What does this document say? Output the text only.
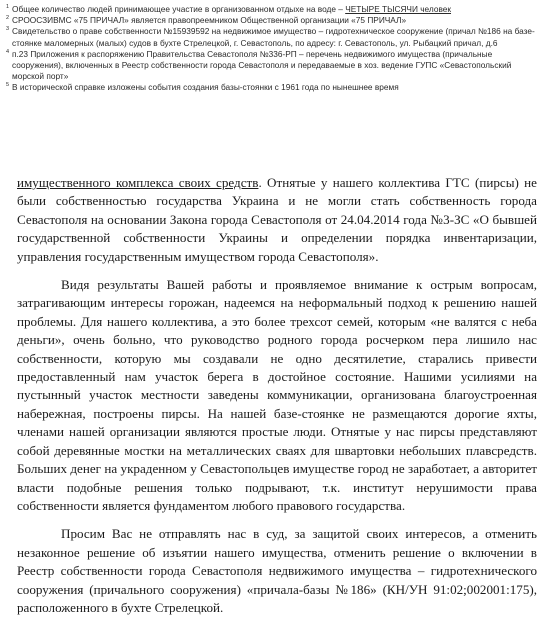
1 Общее количество людей принимающее участие в организованном отдыхе на воде – ЧЕТЫРЕ ТЫСЯЧИ человек

2 СРООСЗИВМС «75 ПРИЧАЛ» является правопреемником Общественной организации «75 ПРИЧАЛ»

3 Свидетельство о праве собственности №15939592 на недвижимое имущество – гидротехническое сооружение (причал №186 на базе-стоянке маломерных (малых) судов в бухте Стрелецкой, г. Севастополь, по адресу: г. Севастополь, ул. Рыбацкий причал, д.6

4 п.23 Приложения к распоряжению Правительства Севастополя №336-РП – перечень недвижимого имущества (причальные сооружения), включенных в Реестр собственности города Севастополя и передаваемые в хоз. ведение ГУПС «Севастопольский морской порт»

5 В исторической справке изложены события создания базы-стоянки с 1961 года по нынешнее время

имущественного комплекса своих средств. Отнятые у нашего коллектива ГТС (пирсы) не были собственностью государства Украина и не могли стать собственность города Севастополя на основании Закона города Севастополя от 24.04.2014 года №3-ЗС «О бывшей государственной собственности Украины и определении порядка инвентаризации, управления государственным имуществом города Севастополя».

Видя результаты Вашей работы и проявляемое внимание к острым вопросам, затрагивающим интересы горожан, надеемся на неформальный подход к решению нашей проблемы. Для нашего коллектива, а это более трехсот семей, которым «не валятся с неба деньги», очень больно, что руководство родного города росчерком пера лишило нас собственности, которую мы создавали не одно десятилетие, старались привести предоставленный нам участок берега в достойное состояние. Нашими усилиями на пустынный участок местности заведены коммуникации, организована благоустроенная набережная, построены пирсы. На нашей базе-стоянке не размещаются дорогие яхты, членами нашей организации являются простые люди. Отнятые у нас пирсы представляют собой деревянные мостки на металлических сваях для швартовки небольших плавсредств. Больших денег на украденном у Севастопольцев имуществе город не заработает, а авторитет власти подобные решения только подрывают, т.к. институт нерушимости права собственности является фундаментом любого правового государства.

Просим Вас не отправлять нас в суд, за защитой своих интересов, а отменить незаконное решение об изъятии нашего имущества, отменить решение о включении в Реестр собственности города Севастополя недвижимого имущества – гидротехнического сооружения (причального сооружения) «причала-базы №186» (КН/УН 91:02;002001:175), расположенного в бухте Стрелецкой.
